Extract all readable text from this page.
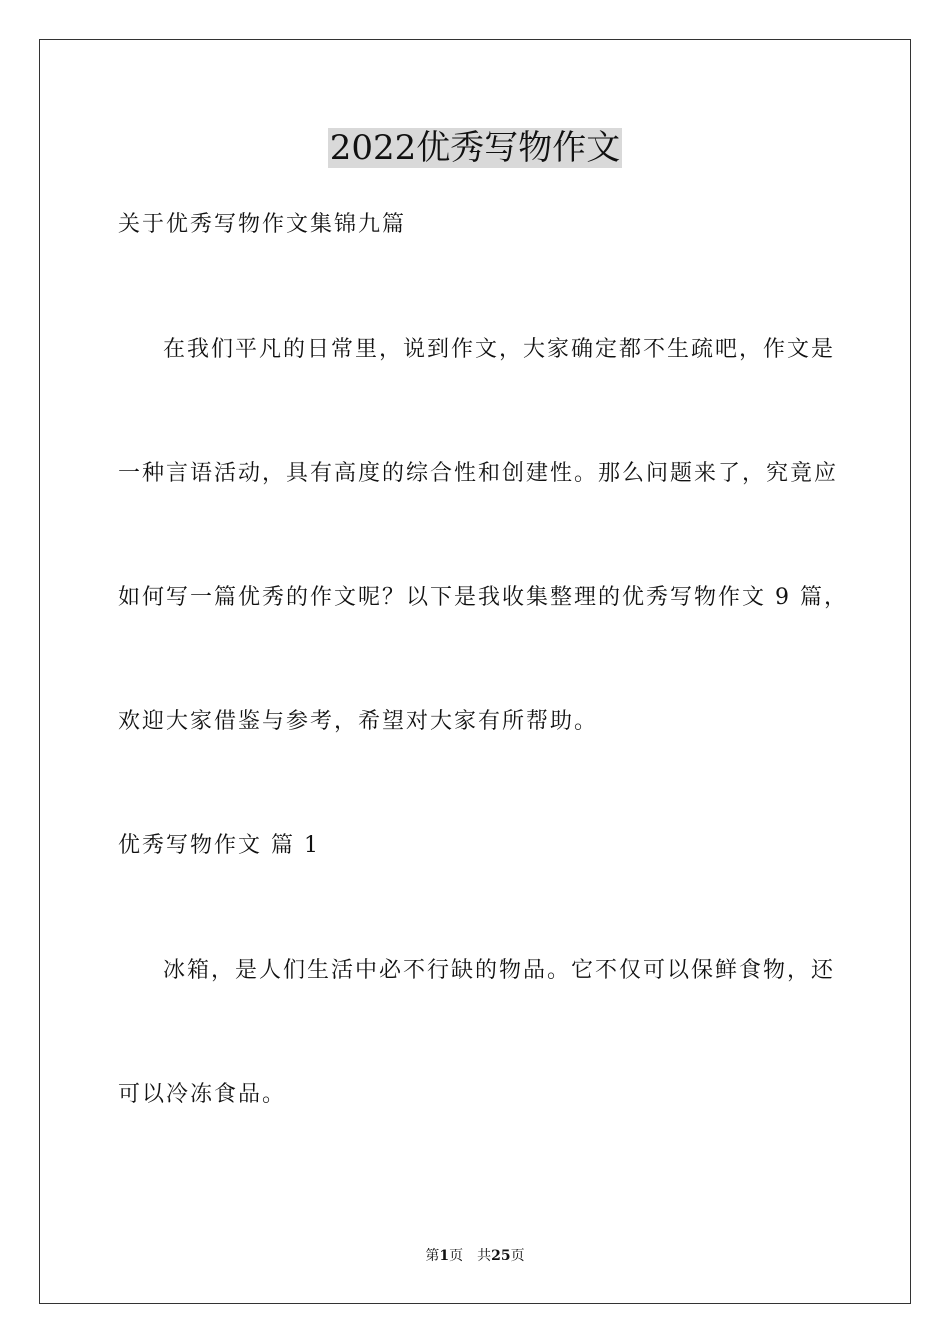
2022优秀写物作文
关于优秀写物作文集锦九篇
在我们平凡的日常里，说到作文，大家确定都不生疏吧，作文是
一种言语活动，具有高度的综合性和创建性。那么问题来了，究竟应
如何写一篇优秀的作文呢？以下是我收集整理的优秀写物作文 9 篇，
欢迎大家借鉴与参考，希望对大家有所帮助。
优秀写物作文 篇 1
冰箱，是人们生活中必不行缺的物品。它不仅可以保鲜食物，还
可以冷冻食品。
第1页 共25页
